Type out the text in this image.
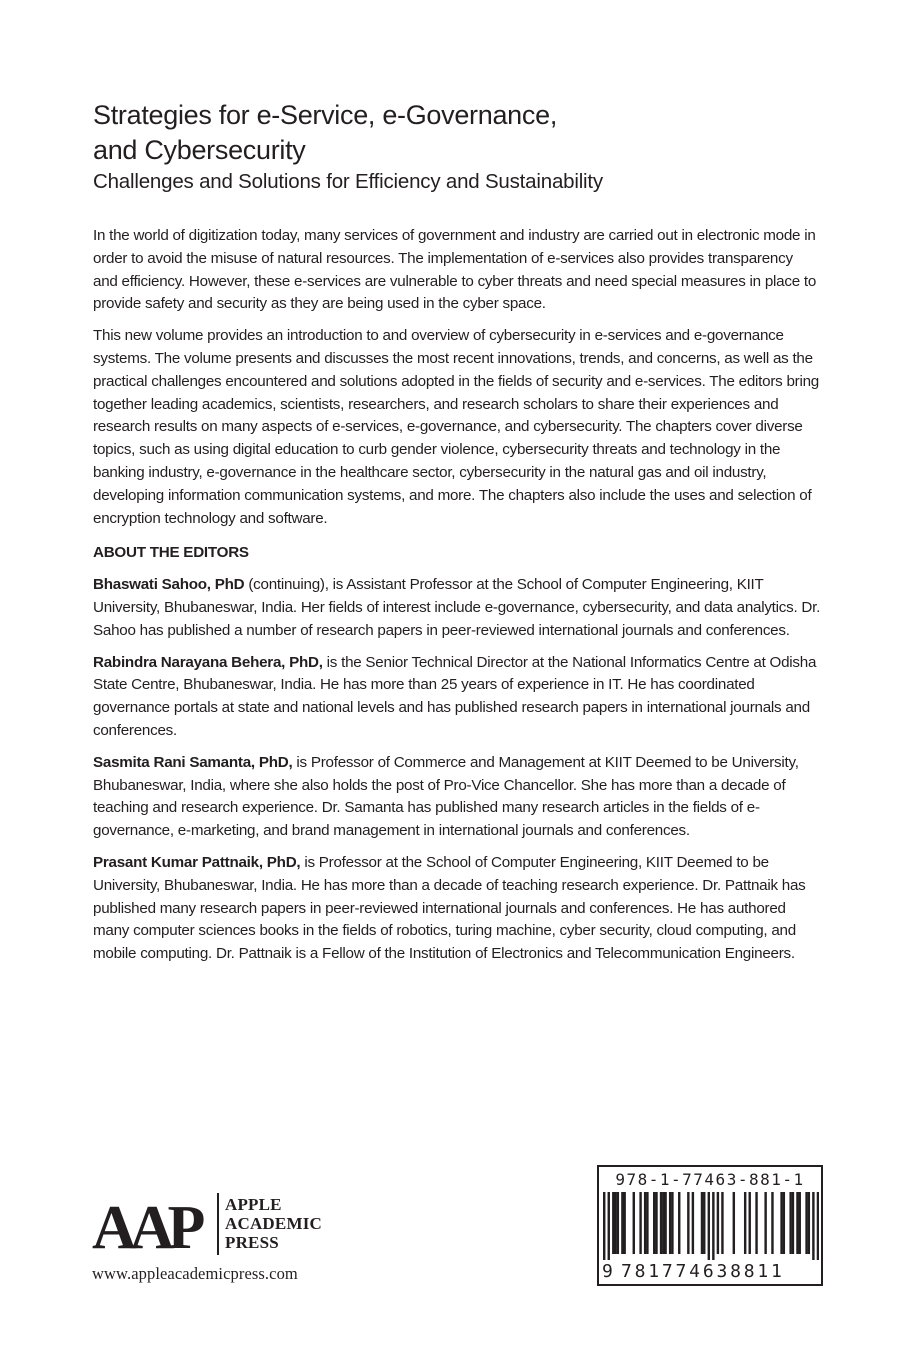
Strategies for e-Service, e-Governance,
and Cybersecurity

Challenges and Solutions for Efficiency and Sustainability

In the world of digitization today, many services of government and industry are carried out in electronic mode in order to avoid the misuse of natural resources. The implementation of e-services also provides transparency and efficiency. However, these e-services are vulnerable to cyber threats and need special measures in place to provide safety and security as they are being used in the cyber space.

This new volume provides an introduction to and overview of cybersecurity in e-services and e-governance systems. The volume presents and discusses the most recent innovations, trends, and concerns, as well as the practical challenges encountered and solutions adopted in the fields of security and e-services. The editors bring together leading academics, scientists, researchers, and research scholars to share their experiences and research results on many aspects of e-services, e-governance, and cybersecurity. The chapters cover diverse topics, such as using digital education to curb gender violence, cybersecurity threats and technology in the banking industry, e-governance in the healthcare sector, cybersecurity in the natural gas and oil industry, developing information communication systems, and more. The chapters also include the uses and selection of encryption technology and software.

ABOUT THE EDITORS

Bhaswati Sahoo, PhD (continuing), is Assistant Professor at the School of Computer Engineering, KIIT University, Bhubaneswar, India. Her fields of interest include e-governance, cybersecurity, and data analytics. Dr. Sahoo has published a number of research papers in peer-reviewed international journals and conferences.

Rabindra Narayana Behera, PhD, is the Senior Technical Director at the National Informatics Centre at Odisha State Centre, Bhubaneswar, India. He has more than 25 years of experience in IT. He has coordinated governance portals at state and national levels and has published research papers in international journals and conferences.

Sasmita Rani Samanta, PhD, is Professor of Commerce and Management at KIIT Deemed to be University, Bhubaneswar, India, where she also holds the post of Pro-Vice Chancellor. She has more than a decade of teaching and research experience. Dr. Samanta has published many research articles in the fields of e-governance, e-marketing, and brand management in international journals and conferences.

Prasant Kumar Pattnaik, PhD, is Professor at the School of Computer Engineering, KIIT Deemed to be University, Bhubaneswar, India. He has more than a decade of teaching research experience. Dr. Pattnaik has published many research papers in peer-reviewed international journals and conferences. He has authored many computer sciences books in the fields of robotics, turing machine, cyber security, cloud computing, and mobile computing. Dr. Pattnaik is a Fellow of the Institution of Electronics and Telecommunication Engineers.

AAP	APPLE
ACADEMIC
PRESS
www.appleacademicpress.com
978-1-77463-881-1
9 781774638811
